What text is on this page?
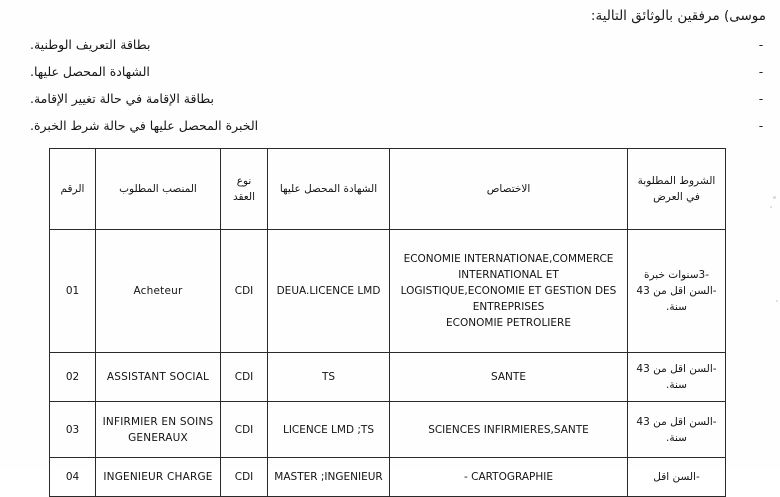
موسى) مرفقين بالوثائق التالية:

-
بطاقة التعريف الوطنية.
-
الشهادة المحصل عليها.
-
بطاقة الإقامة في حالة تغيير الإقامة.
-
الخبرة المحصل عليها في حالة شرط الخبرة.
الشروط المطلوبة في العرض	الاختصاص	الشهادة المحصل عليها	نوع العقد	المنصب المطلوب	الرقم

-3سنوات خبرة
-السن اقل من 43 سنة.	ECONOMIE INTERNATIONAE,COMMERCE
INTERNATIONAL ET
LOGISTIQUE,ECONOMIE ET GESTION DES
ENTREPRISES
ECONOMIE PETROLIERE	DEUA.LICENCE LMD	CDI	Acheteur	01

-السن اقل من 43 سنة.	SANTE	TS	CDI	ASSISTANT SOCIAL	02

-السن اقل من 43 سنة.	SCIENCES INFIRMIERES,SANTE	LICENCE LMD ;TS	CDI	INFIRMIER EN SOINS GENERAUX	03

-السن اقل	- CARTOGRAPHIE	MASTER ;INGENIEUR	CDI	INGENIEUR CHARGE	04
